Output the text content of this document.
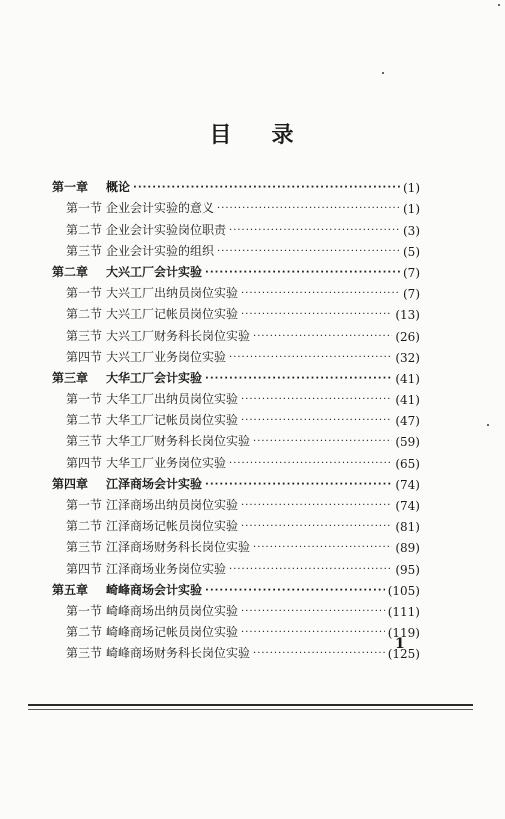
目 录
第一章 概论 ·····	(1)
第一节 企业会计实验的意义 ·····	(1)
第二节 企业会计实验岗位职责 ·····	(3)
第三节 企业会计实验的组织 ·····	(5)
第二章 大兴工厂会计实验 ·····	(7)
第一节 大兴工厂出纳员岗位实验 ·····	(7)
第二节 大兴工厂记帐员岗位实验 ·····	(13)
第三节 大兴工厂财务科长岗位实验 ·····	(26)
第四节 大兴工厂业务岗位实验 ·····	(32)
第三章 大华工厂会计实验 ·····	(41)
第一节 大华工厂出纳员岗位实验 ·····	(41)
第二节 大华工厂记帐员岗位实验 ·····	(47)
第三节 大华工厂财务科长岗位实验 ·····	(59)
第四节 大华工厂业务岗位实验 ·····	(65)
第四章 江泽商场会计实验 ·····	(74)
第一节 江泽商场出纳员岗位实验 ·····	(74)
第二节 江泽商场记帐员岗位实验 ·····	(81)
第三节 江泽商场财务科长岗位实验 ·····	(89)
第四节 江泽商场业务岗位实验 ·····	(95)
第五章 崎峰商场会计实验 ·····	(105)
第一节 崎峰商场出纳员岗位实验 ·····	(111)
第二节 崎峰商场记帐员岗位实验 ·····	(119)
第三节 崎峰商场财务科长岗位实验 ·····	(125)
1
